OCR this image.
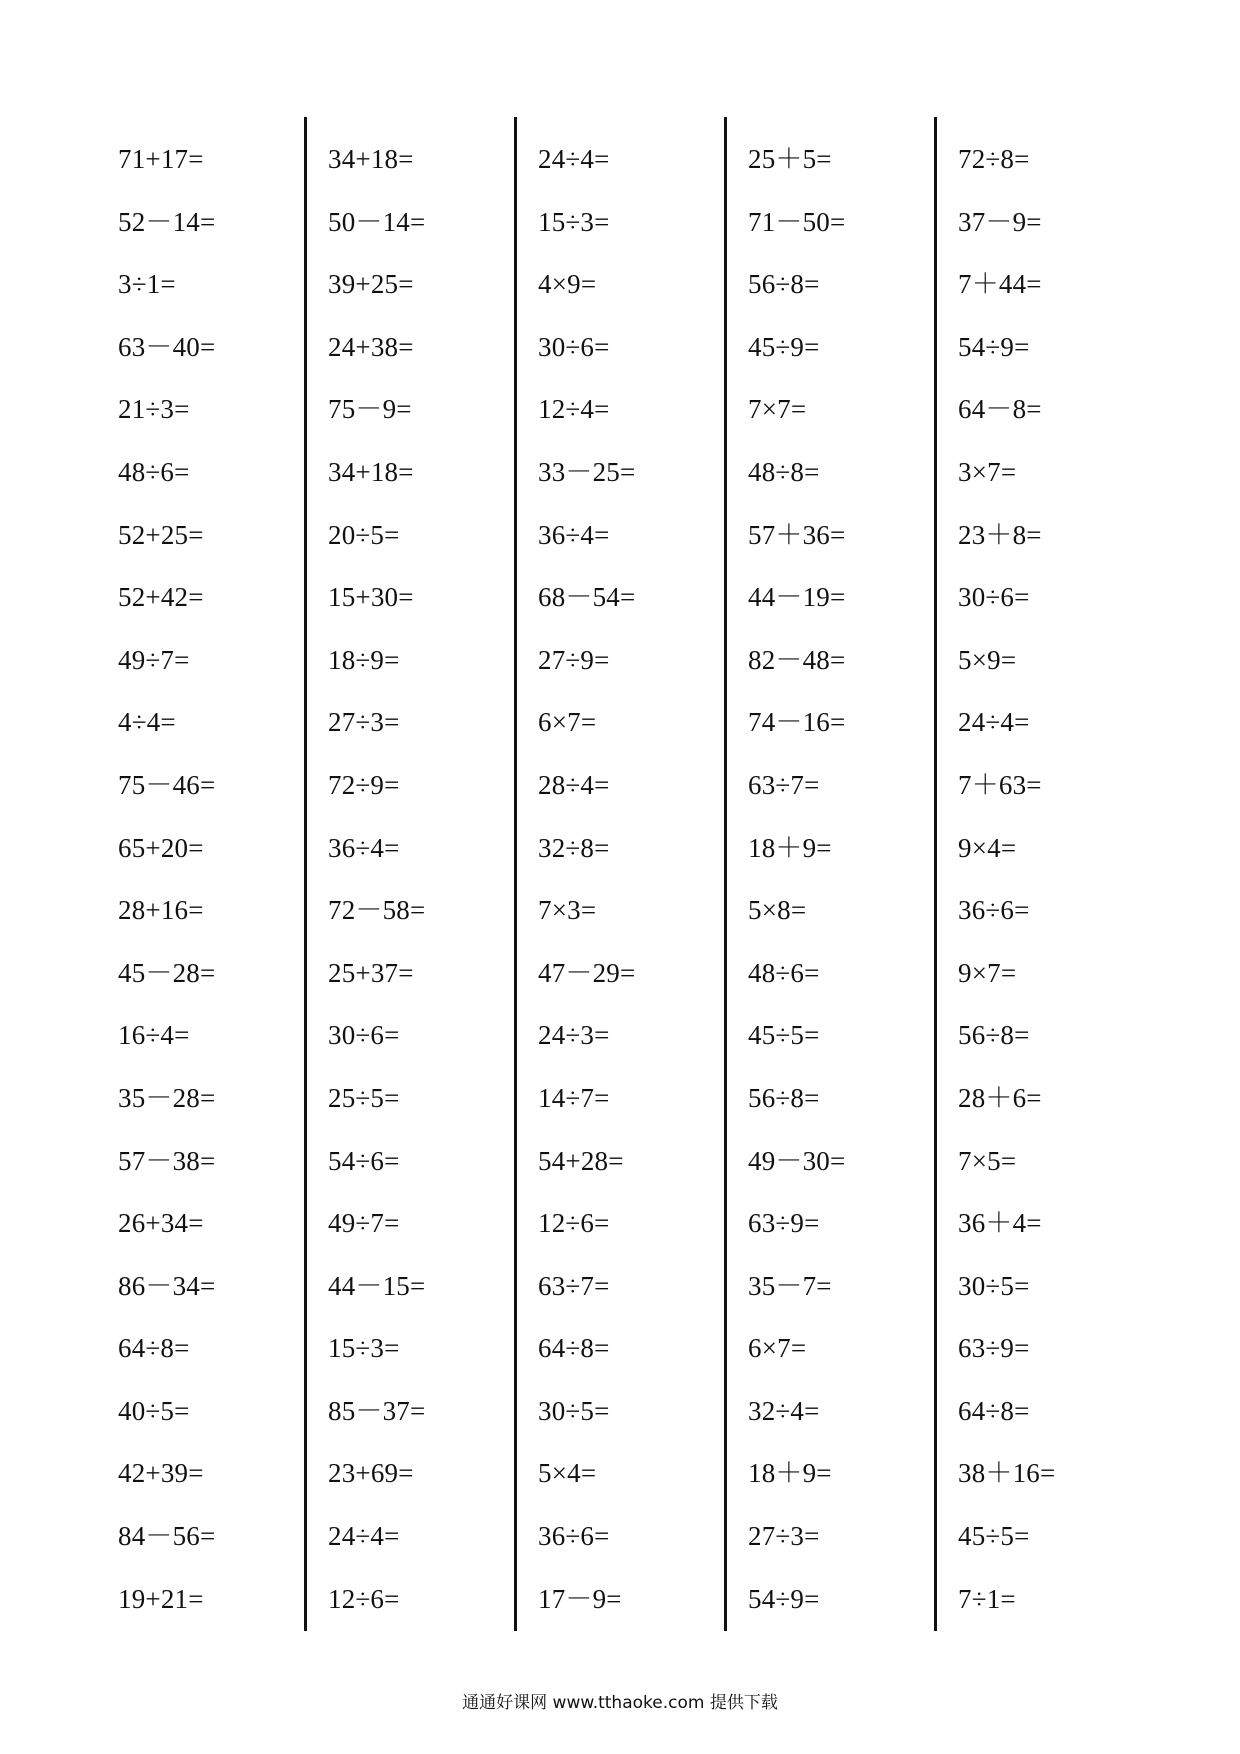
71+17=
52－14=
3÷1=
63－40=
21÷3=
48÷6=
52+25=
52+42=
49÷7=
4÷4=
75－46=
65+20=
28+16=
45－28=
16÷4=
35－28=
57－38=
26+34=
86－34=
64÷8=
40÷5=
42+39=
84－56=
19+21=
34+18=
50－14=
39+25=
24+38=
75－9=
34+18=
20÷5=
15+30=
18÷9=
27÷3=
72÷9=
36÷4=
72－58=
25+37=
30÷6=
25÷5=
54÷6=
49÷7=
44－15=
15÷3=
85－37=
23+69=
24÷4=
12÷6=
24÷4=
15÷3=
4×9=
30÷6=
12÷4=
33－25=
36÷4=
68－54=
27÷9=
6×7=
28÷4=
32÷8=
7×3=
47－29=
24÷3=
14÷7=
54+28=
12÷6=
63÷7=
64÷8=
30÷5=
5×4=
36÷6=
17－9=
25＋5=
71－50=
56÷8=
45÷9=
7×7=
48÷8=
57＋36=
44－19=
82－48=
74－16=
63÷7=
18＋9=
5×8=
48÷6=
45÷5=
56÷8=
49－30=
63÷9=
35－7=
6×7=
32÷4=
18＋9=
27÷3=
54÷9=
72÷8=
37－9=
7＋44=
54÷9=
64－8=
3×7=
23＋8=
30÷6=
5×9=
24÷4=
7＋63=
9×4=
36÷6=
9×7=
56÷8=
28＋6=
7×5=
36＋4=
30÷5=
63÷9=
64÷8=
38＋16=
45÷5=
7÷1=
通通好课网 www.tthaoke.com 提供下载
